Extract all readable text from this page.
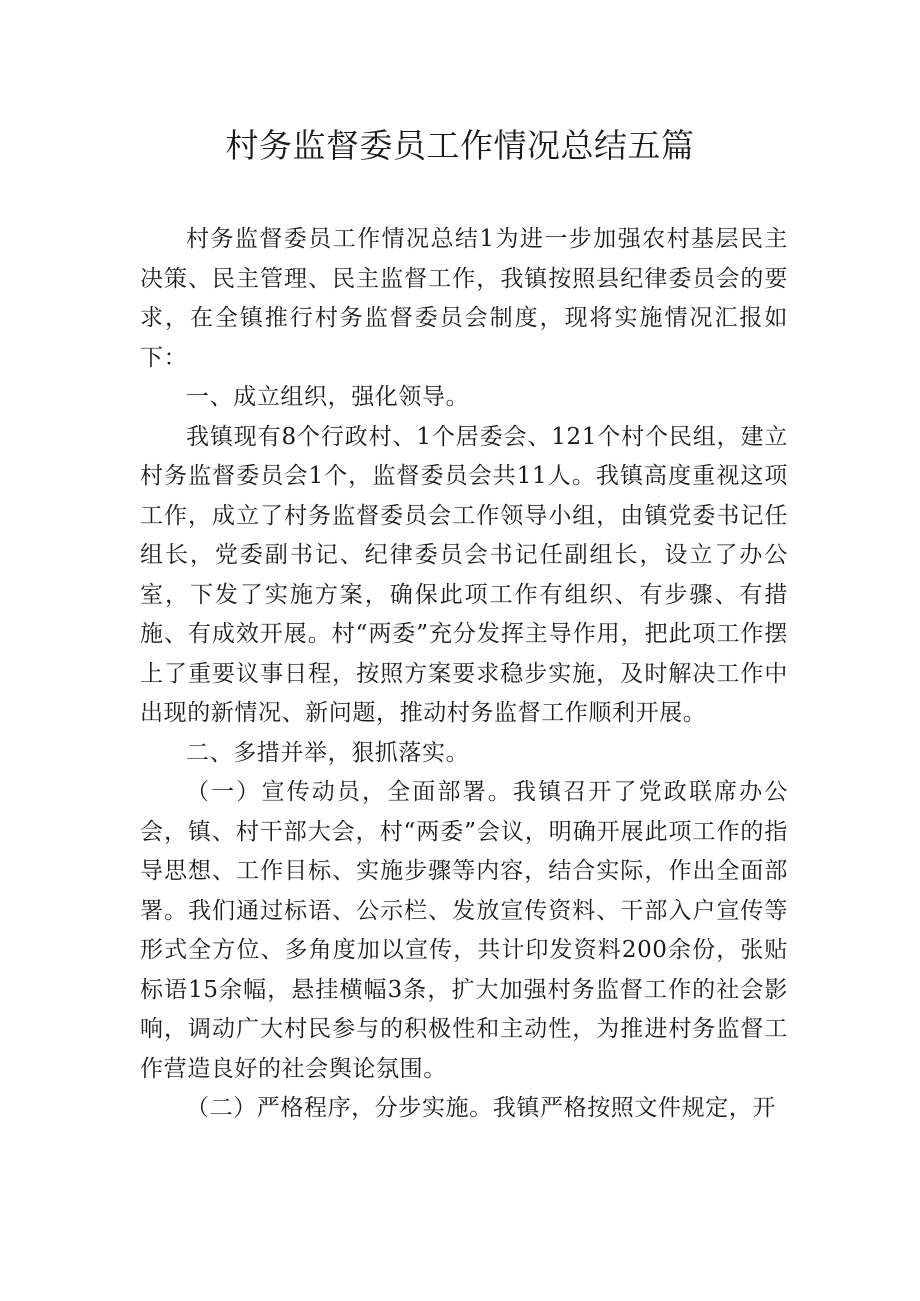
村务监督委员工作情况总结五篇

村务监督委员工作情况总结1为进一步加强农村基层民主决策、民主管理、民主监督工作，我镇按照县纪律委员会的要求，在全镇推行村务监督委员会制度，现将实施情况汇报如下：

一、成立组织，强化领导。

我镇现有8个行政村、1个居委会、121个村个民组，建立村务监督委员会1个，监督委员会共11人。我镇高度重视这项工作，成立了村务监督委员会工作领导小组，由镇党委书记任组长，党委副书记、纪律委员会书记任副组长，设立了办公室，下发了实施方案，确保此项工作有组织、有步骤、有措施、有成效开展。村“两委”充分发挥主导作用，把此项工作摆上了重要议事日程，按照方案要求稳步实施，及时解决工作中出现的新情况、新问题，推动村务监督工作顺利开展。

二、多措并举，狠抓落实。

（一）宣传动员，全面部署。我镇召开了党政联席办公会，镇、村干部大会，村“两委”会议，明确开展此项工作的指导思想、工作目标、实施步骤等内容，结合实际，作出全面部署。我们通过标语、公示栏、发放宣传资料、干部入户宣传等形式全方位、多角度加以宣传，共计印发资料200余份，张贴标语15余幅，悬挂横幅3条，扩大加强村务监督工作的社会影响，调动广大村民参与的积极性和主动性，为推进村务监督工作营造良好的社会舆论氛围。

（二）严格程序，分步实施。我镇严格按照文件规定，开
